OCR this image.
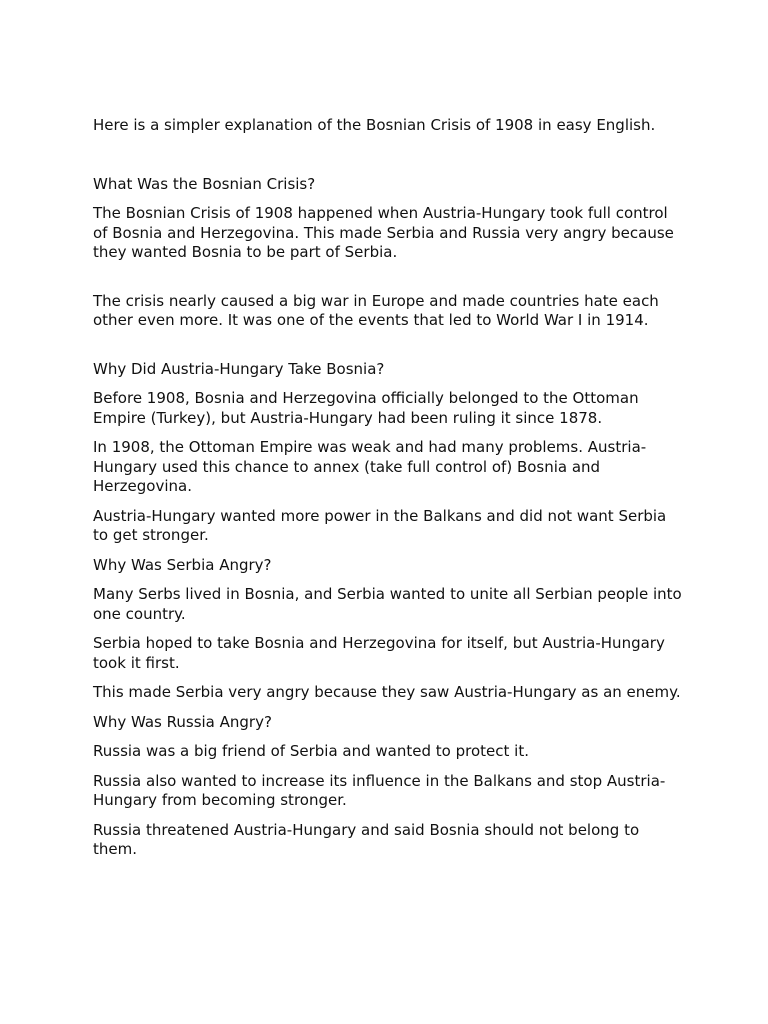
Here is a simpler explanation of the Bosnian Crisis of 1908 in easy English.

What Was the Bosnian Crisis?

The Bosnian Crisis of 1908 happened when Austria-Hungary took full control of Bosnia and Herzegovina. This made Serbia and Russia very angry because they wanted Bosnia to be part of Serbia.

The crisis nearly caused a big war in Europe and made countries hate each other even more. It was one of the events that led to World War I in 1914.

Why Did Austria-Hungary Take Bosnia?

Before 1908, Bosnia and Herzegovina officially belonged to the Ottoman Empire (Turkey), but Austria-Hungary had been ruling it since 1878.

In 1908, the Ottoman Empire was weak and had many problems. Austria-Hungary used this chance to annex (take full control of) Bosnia and Herzegovina.

Austria-Hungary wanted more power in the Balkans and did not want Serbia to get stronger.

Why Was Serbia Angry?

Many Serbs lived in Bosnia, and Serbia wanted to unite all Serbian people into one country.

Serbia hoped to take Bosnia and Herzegovina for itself, but Austria-Hungary took it first.

This made Serbia very angry because they saw Austria-Hungary as an enemy.

Why Was Russia Angry?

Russia was a big friend of Serbia and wanted to protect it.

Russia also wanted to increase its influence in the Balkans and stop Austria-Hungary from becoming stronger.

Russia threatened Austria-Hungary and said Bosnia should not belong to them.
